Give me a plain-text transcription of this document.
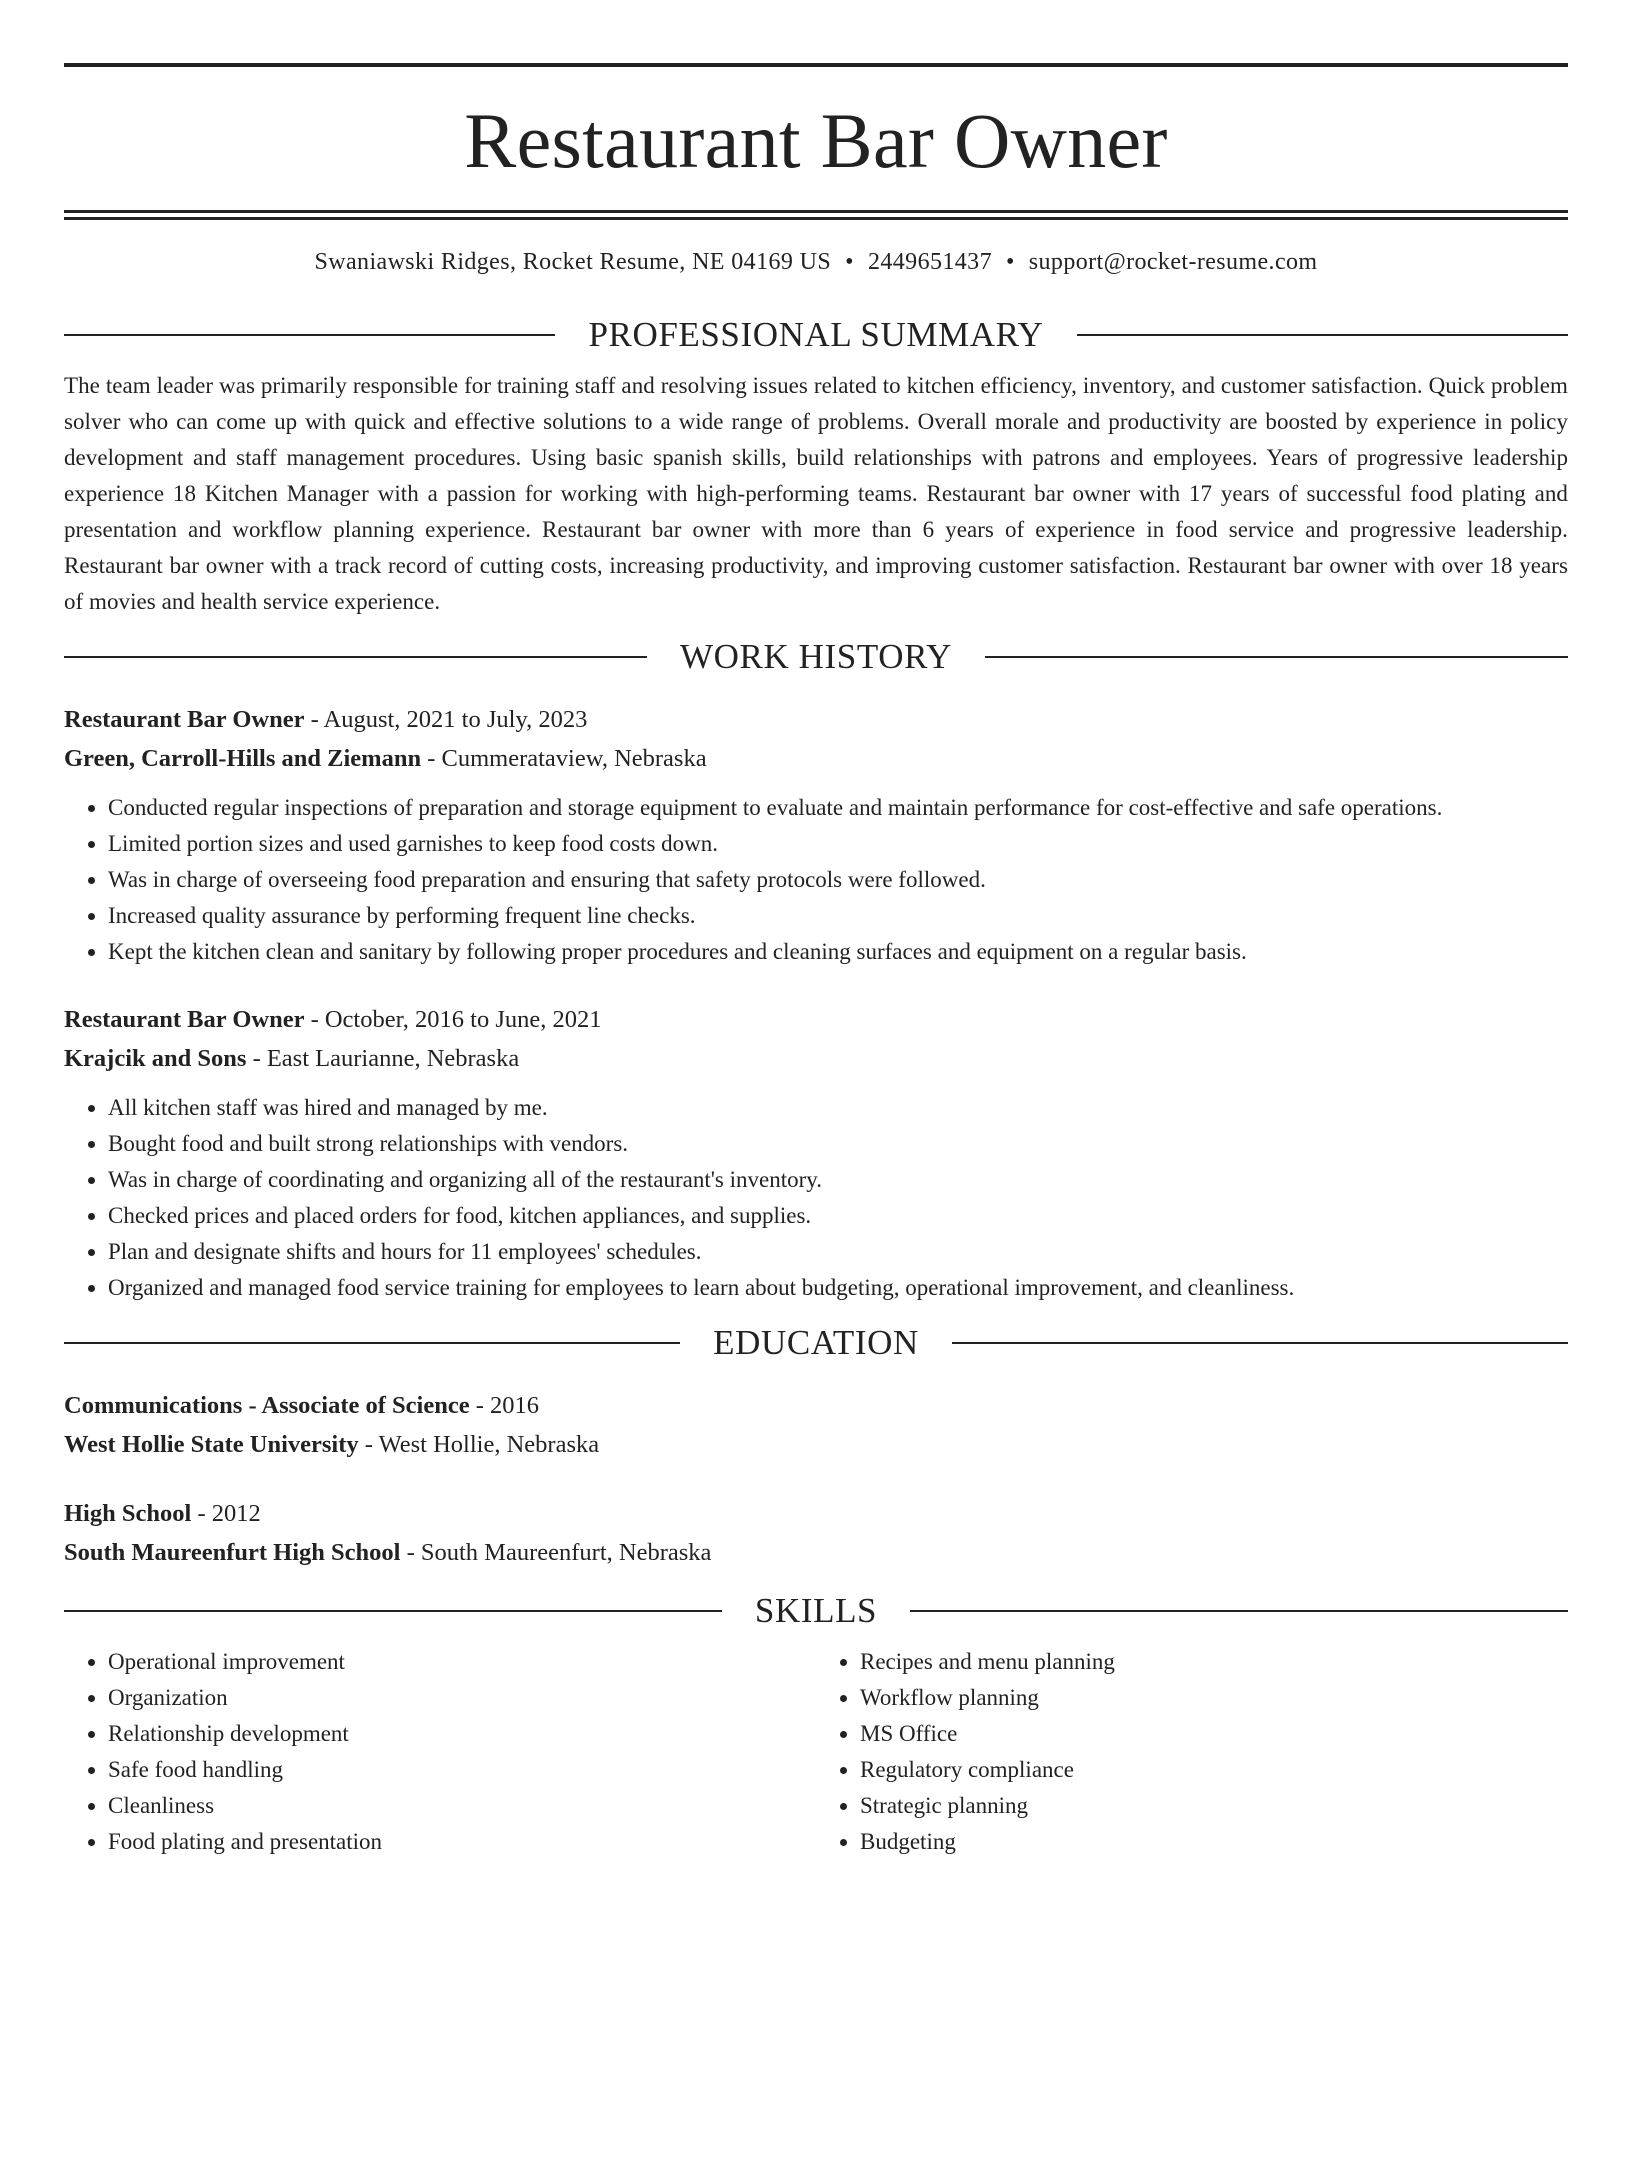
Restaurant Bar Owner
Swaniawski Ridges, Rocket Resume, NE 04169 US • 2449651437 • support@rocket-resume.com
PROFESSIONAL SUMMARY
The team leader was primarily responsible for training staff and resolving issues related to kitchen efficiency, inventory, and customer satisfaction. Quick problem solver who can come up with quick and effective solutions to a wide range of problems. Overall morale and productivity are boosted by experience in policy development and staff management procedures. Using basic spanish skills, build relationships with patrons and employees. Years of progressive leadership experience 18 Kitchen Manager with a passion for working with high-performing teams. Restaurant bar owner with 17 years of successful food plating and presentation and workflow planning experience. Restaurant bar owner with more than 6 years of experience in food service and progressive leadership. Restaurant bar owner with a track record of cutting costs, increasing productivity, and improving customer satisfaction. Restaurant bar owner with over 18 years of movies and health service experience.
WORK HISTORY
Restaurant Bar Owner - August, 2021 to July, 2023
Green, Carroll-Hills and Ziemann - Cummerataview, Nebraska
• Conducted regular inspections of preparation and storage equipment to evaluate and maintain performance for cost-effective and safe operations.
• Limited portion sizes and used garnishes to keep food costs down.
• Was in charge of overseeing food preparation and ensuring that safety protocols were followed.
• Increased quality assurance by performing frequent line checks.
• Kept the kitchen clean and sanitary by following proper procedures and cleaning surfaces and equipment on a regular basis.
Restaurant Bar Owner - October, 2016 to June, 2021
Krajcik and Sons - East Laurianne, Nebraska
• All kitchen staff was hired and managed by me.
• Bought food and built strong relationships with vendors.
• Was in charge of coordinating and organizing all of the restaurant's inventory.
• Checked prices and placed orders for food, kitchen appliances, and supplies.
• Plan and designate shifts and hours for 11 employees' schedules.
• Organized and managed food service training for employees to learn about budgeting, operational improvement, and cleanliness.
EDUCATION
Communications - Associate of Science - 2016
West Hollie State University - West Hollie, Nebraska
High School - 2012
South Maureenfurt High School - South Maureenfurt, Nebraska
SKILLS
• Operational improvement
• Organization
• Relationship development
• Safe food handling
• Cleanliness
• Food plating and presentation
• Recipes and menu planning
• Workflow planning
• MS Office
• Regulatory compliance
• Strategic planning
• Budgeting
